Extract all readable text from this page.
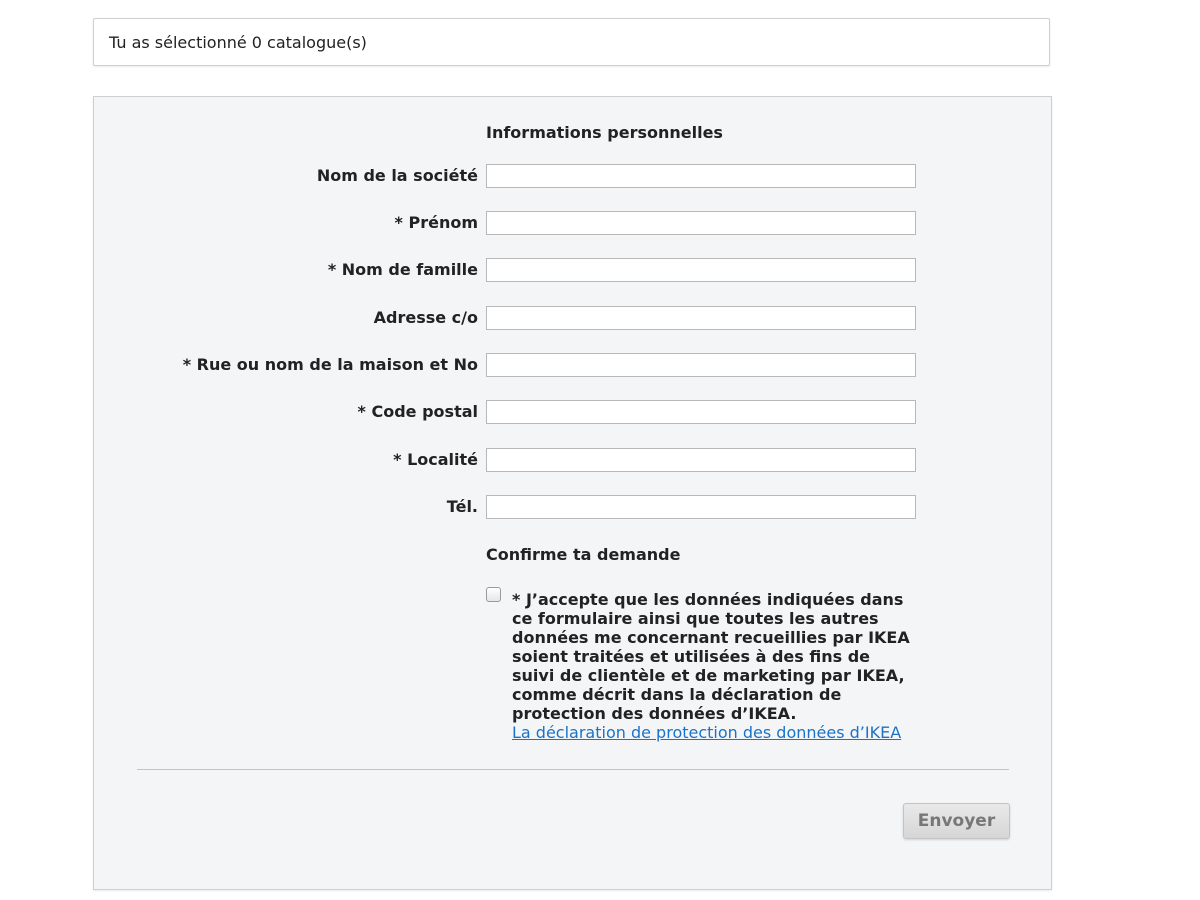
Tu as sélectionné 0 catalogue(s)
Informations personnelles
Nom de la société
* Prénom
* Nom de famille
Adresse c/o
* Rue ou nom de la maison et No
* Code postal
* Localité
Tél.
Confirme ta demande
* J’accepte que les données indiquées dans ce formulaire ainsi que toutes les autres données me concernant recueillies par IKEA soient traitées et utilisées à des fins de suivi de clientèle et de marketing par IKEA, comme décrit dans la déclaration de protection des données d’IKEA.
La déclaration de protection des données d’IKEA
Envoyer
